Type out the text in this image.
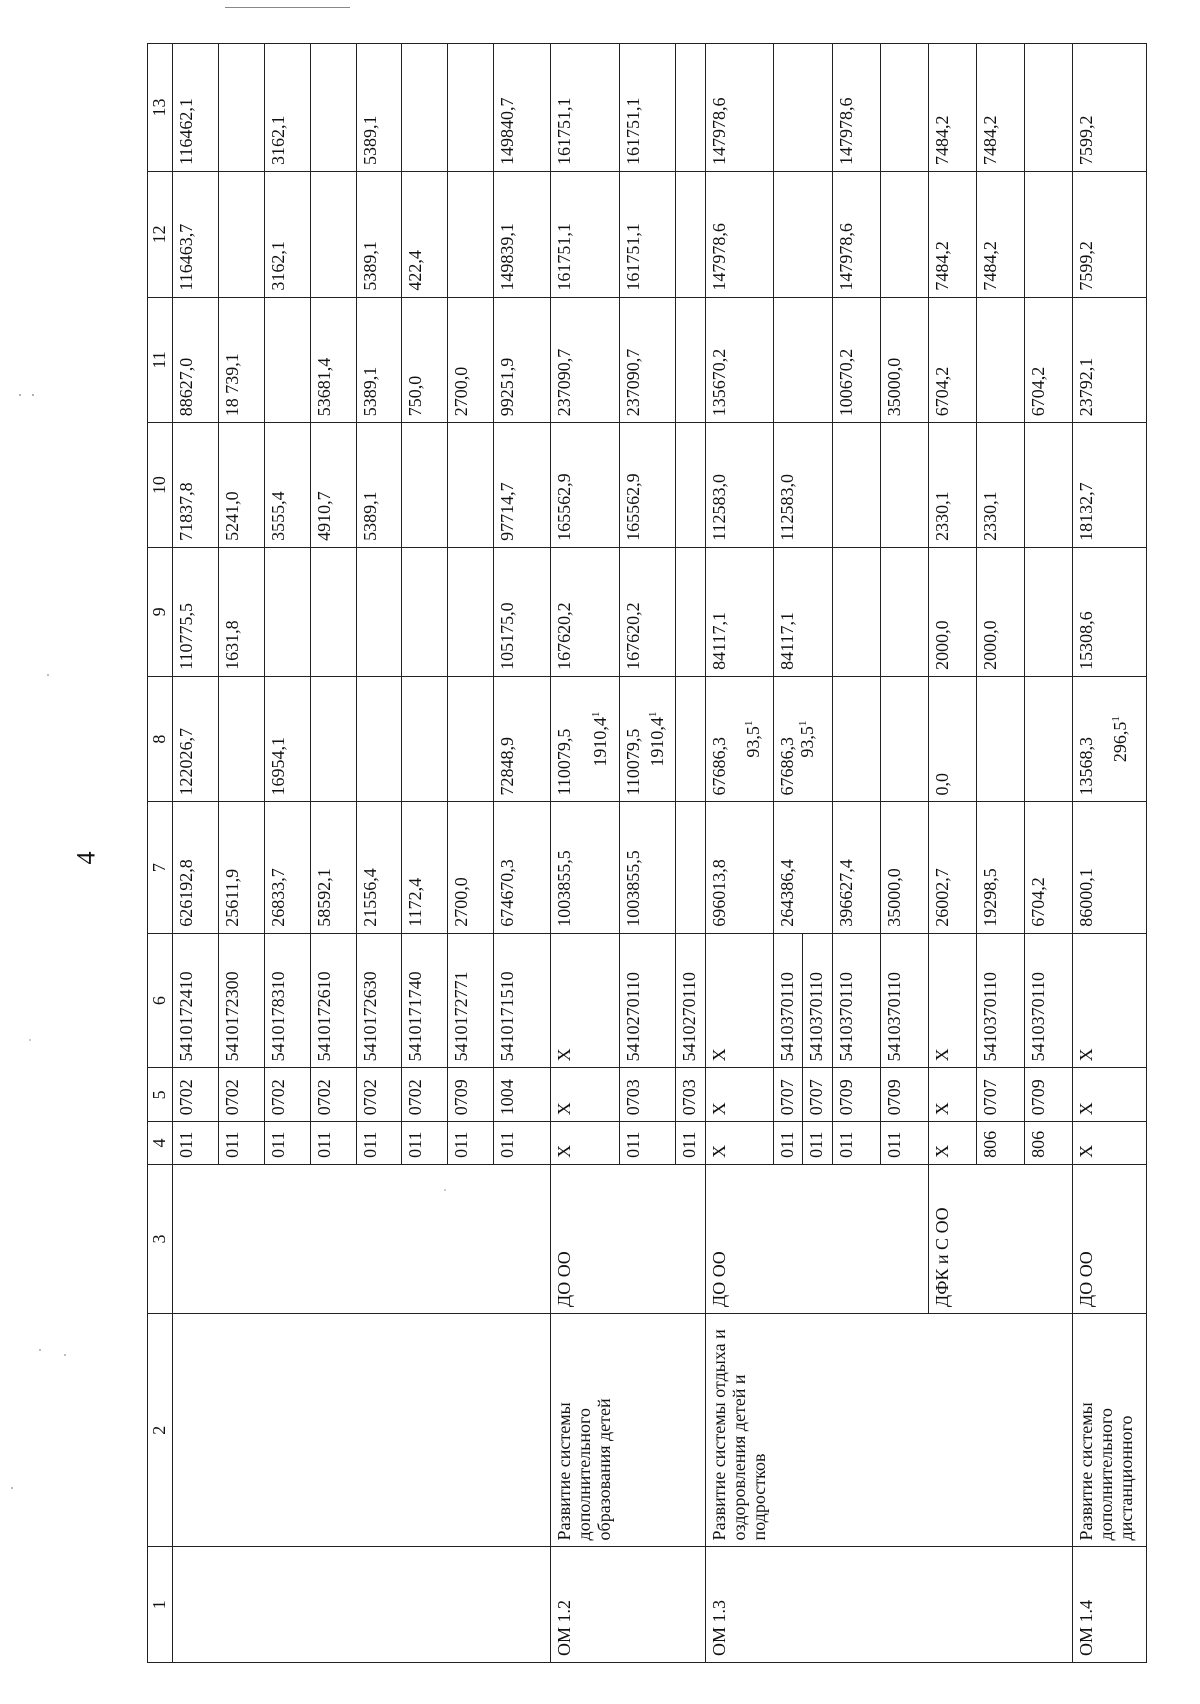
4
1	2	3	4	5	6	7	8	9	10	11	12	13
			011	0702	5410172410	626192,8	122026,7	110775,5	71837,8	88627,0	116463,7	116462,1
			011	0702	5410172300	25611,9		1631,8	5241,0	18 739,1		
			011	0702	5410178310	26833,7	16954,1		3555,4		3162,1	3162,1
			011	0702	5410172610	58592,1			4910,7	53681,4		
			011	0702	5410172630	21556,4			5389,1	5389,1	5389,1	5389,1
			011	0702	5410171740	1172,4				750,0	422,4	
			011	0709	5410172771	2700,0				2700,0		
			011	1004	5410171510	674670,3	72848,9	105175,0	97714,7	99251,9	149839,1	149840,7
ОМ 1.2	Развитие системы дополнительного образования детей	ДО ОО	X	X	X	1003855,5	110079,5 1910,4$^1$	167620,2	165562,9	237090,7	161751,1	161751,1
			011	0703	5410270110	1003855,5	110079,5 1910,4$^1$	167620,2	165562,9	237090,7	161751,1	161751,1
			011	0703	5410270110							
ОМ 1.3	Развитие системы отдыха и оздоровления детей и подростков	ДО ОО	X	X	X	696013,8	67686,3 93,5$^1$	84117,1	112583,0	135670,2	147978,6	147978,6
			011	0707	5410370110	264386,4	67686,3 93,5$^1$	84117,1	112583,0			
			011	0707	5410370110							
			011	0709	5410370110	396627,4				100670,2	147978,6	147978,6
			011	0709	5410370110	35000,0				35000,0		
		ДФК и С ОО	X	X	X	26002,7	0,0	2000,0	2330,1	6704,2	7484,2	7484,2
			806	0707	5410370110	19298,5		2000,0	2330,1		7484,2	7484,2
			806	0709	5410370110	6704,2				6704,2		
ОМ 1.4	Развитие системы дополнительного дистанционного	ДО ОО	X	X	X	86000,1	13568,3 296,5$^1$	15308,6	18132,7	23792,1	7599,2	7599,2
